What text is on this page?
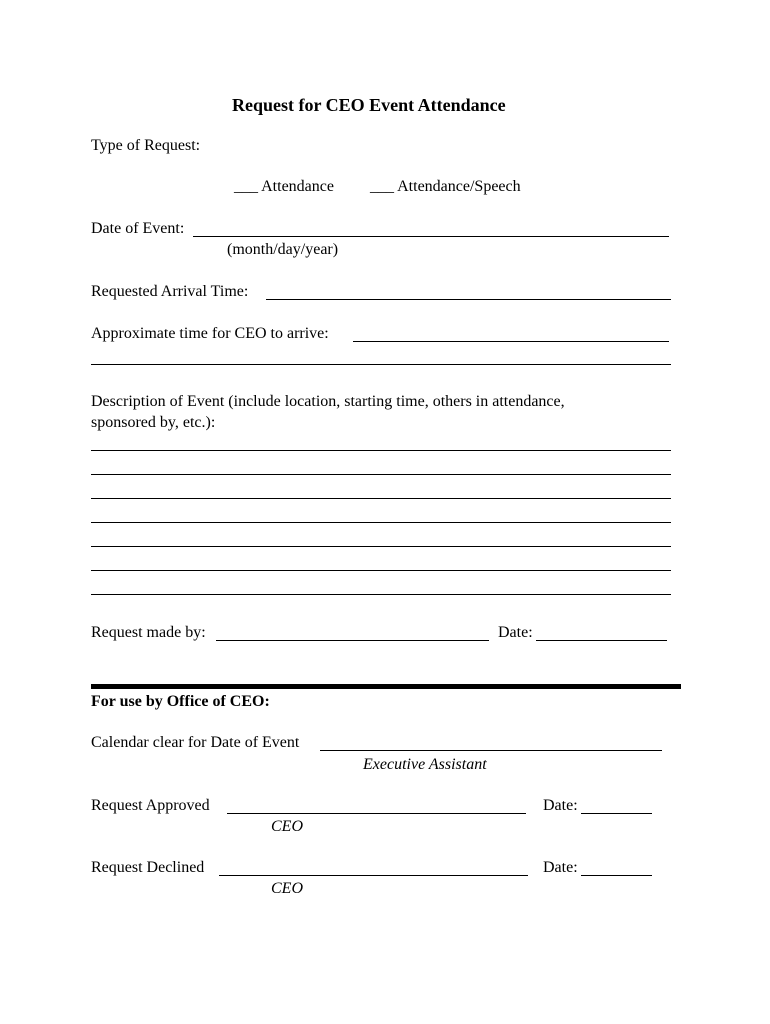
Request for CEO Event Attendance
Type of Request:
___ Attendance ___ Attendance/Speech
Date of Event:
(month/day/year)
Requested Arrival Time:
Approximate time for CEO to arrive:
Description of Event (include location, starting time, others in attendance,
sponsored by, etc.):
Request made by:	Date:
For use by Office of CEO:
Calendar clear for Date of Event
Executive Assistant
Request Approved
CEO
Date:
Request Declined
CEO
Date:
